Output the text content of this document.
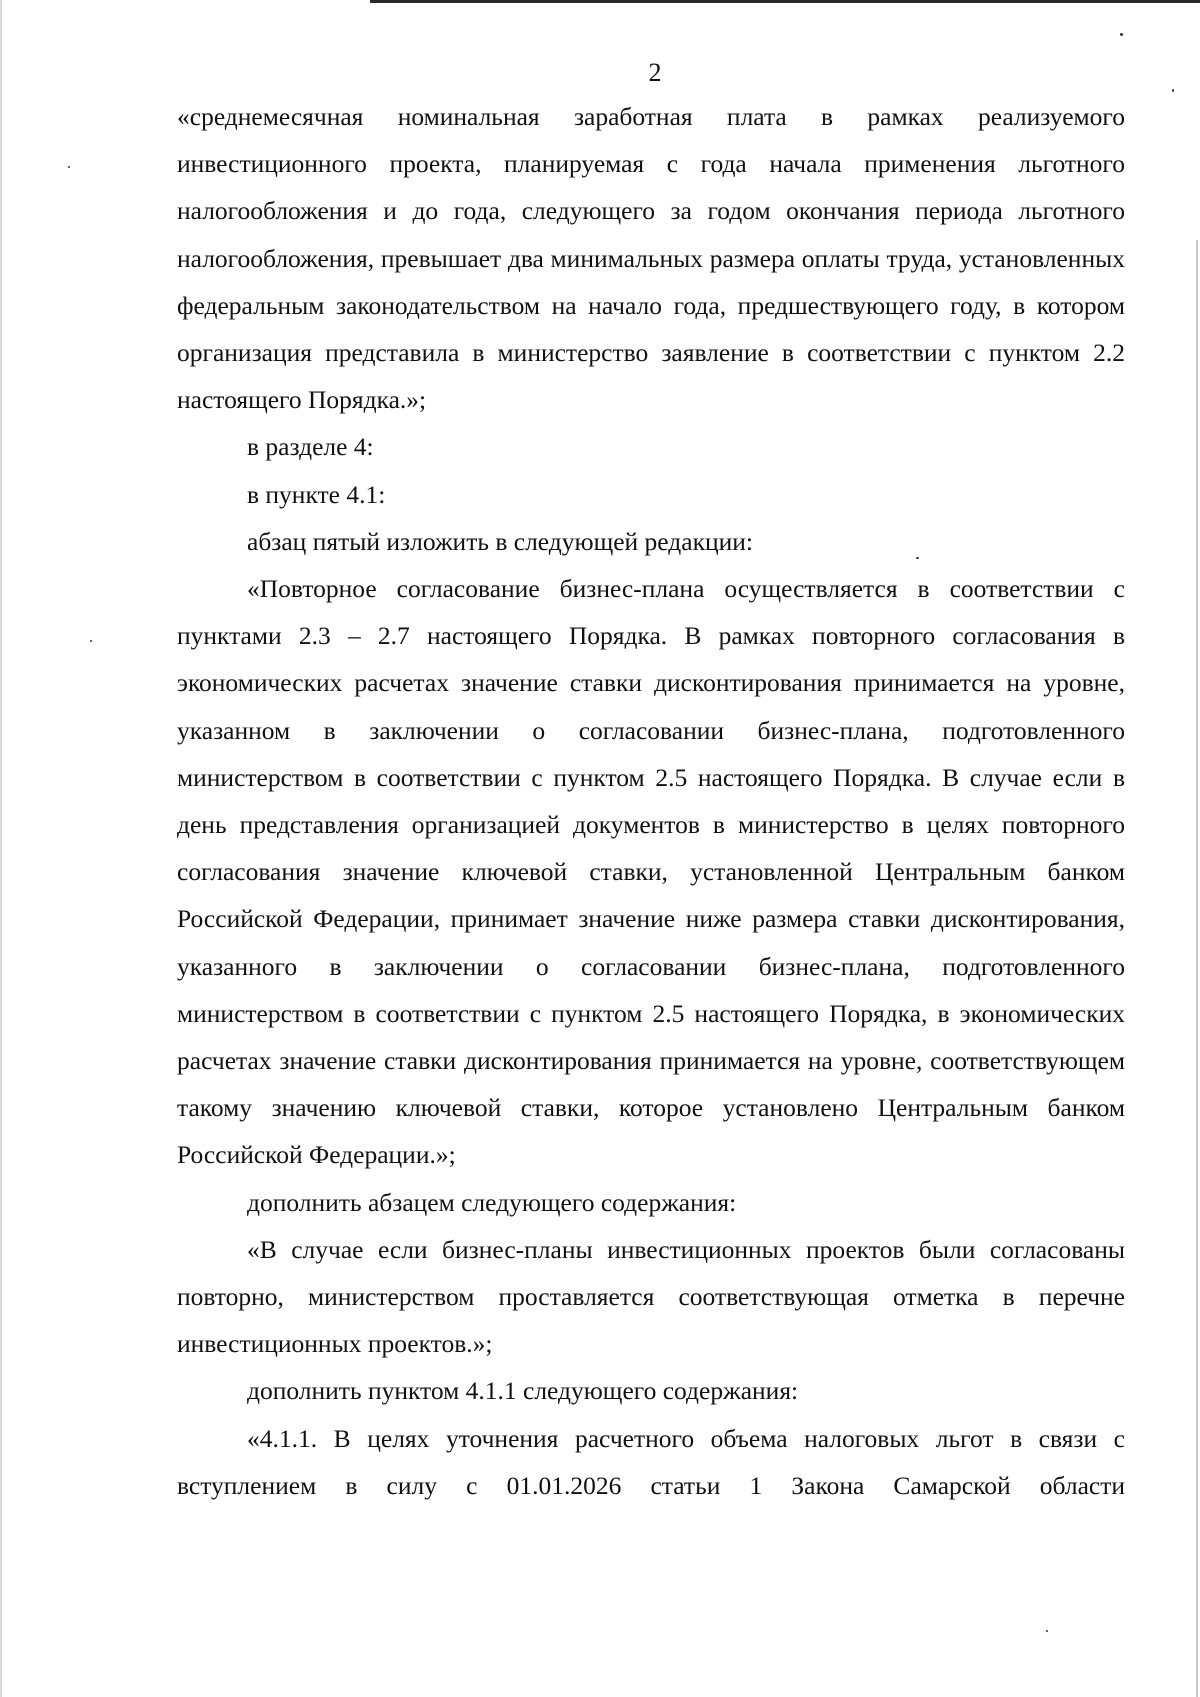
2

«среднемесячная номинальная заработная плата в рамках реализуемого инвестиционного проекта, планируемая с года начала применения льготного налогообложения и до года, следующего за годом окончания периода льготного налогообложения, превышает два минимальных размера оплаты труда, установленных федеральным законодательством на начало года, предшествующего году, в котором организация представила в министерство заявление в соответствии с пунктом 2.2 настоящего Порядка.»;

в разделе 4:

в пункте 4.1:

абзац пятый изложить в следующей редакции:

«Повторное согласование бизнес-плана осуществляется в соответствии с пунктами 2.3 – 2.7 настоящего Порядка. В рамках повторного согласования в экономических расчетах значение ставки дисконтирования принимается на уровне, указанном в заключении о согласовании бизнес-плана, подготовленного министерством в соответствии с пунктом 2.5 настоящего Порядка. В случае если в день представления организацией документов в министерство в целях повторного согласования значение ключевой ставки, установленной Центральным банком Российской Федерации, принимает значение ниже размера ставки дисконтирования, указанного в заключении о согласовании бизнес-плана, подготовленного министерством в соответствии с пунктом 2.5 настоящего Порядка, в экономических расчетах значение ставки дисконтирования принимается на уровне, соответствующем такому значению ключевой ставки, которое установлено Центральным банком Российской Федерации.»;

дополнить абзацем следующего содержания:

«В случае если бизнес-планы инвестиционных проектов были согласованы повторно, министерством проставляется соответствующая отметка в перечне инвестиционных проектов.»;

дополнить пунктом 4.1.1 следующего содержания:

«4.1.1. В целях уточнения расчетного объема налоговых льгот в связи с вступлением в силу с 01.01.2026 статьи 1 Закона Самарской области
